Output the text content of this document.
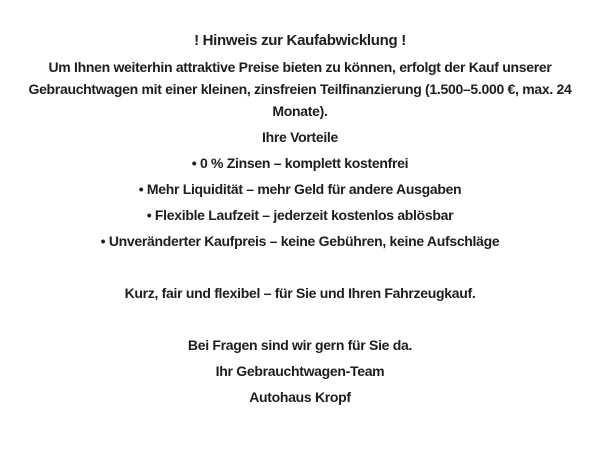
! Hinweis zur Kaufabwicklung !

Um Ihnen weiterhin attraktive Preise bieten zu können, erfolgt der Kauf unserer Gebrauchtwagen mit einer kleinen, zinsfreien Teilfinanzierung (1.500–5.000 €, max. 24 Monate).

Ihre Vorteile

• 0 % Zinsen – komplett kostenfrei

• Mehr Liquidität – mehr Geld für andere Ausgaben

• Flexible Laufzeit – jederzeit kostenlos ablösbar

• Unveränderter Kaufpreis – keine Gebühren, keine Aufschläge

Kurz, fair und flexibel – für Sie und Ihren Fahrzeugkauf.

Bei Fragen sind wir gern für Sie da.

Ihr Gebrauchtwagen-Team

Autohaus Kropf
